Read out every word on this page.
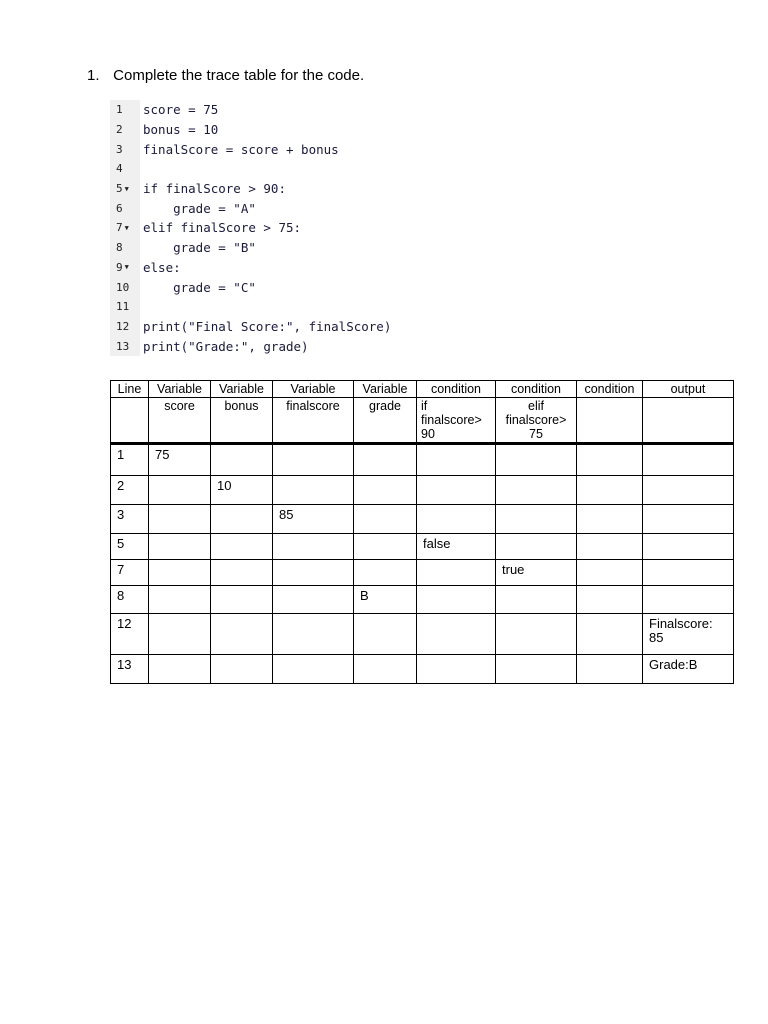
1. Complete the trace table for the code.
1 score = 75
2 bonus = 10
3 finalScore = score + bonus
4
5 ▼ if finalScore > 90:
6 grade = "A"
7 ▼ elif finalScore > 75:
8 grade = "B"
9 ▼ else:
10 grade = "C"
11
12 print("Final Score:", finalScore)
13 print("Grade:", grade)
Line	Variable	Variable	Variable	Variable	condition	condition	condition	output
	score	bonus	finalscore	grade	if
finalscore>
90	elif
finalscore>
75		
1	75							
2		10						
3			85					
5					false			
7						true		
8				B				
12								Finalscore:
85
13								Grade:B
